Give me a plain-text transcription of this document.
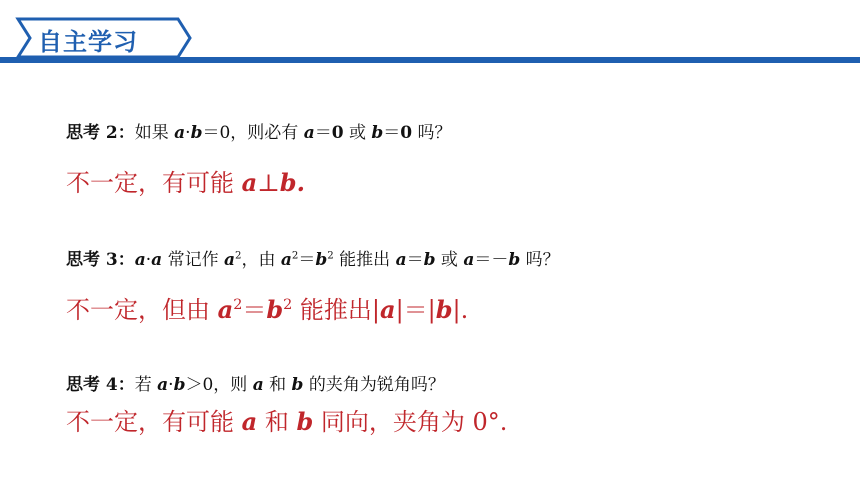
自主学习
思考 2：如果 a·b＝0，则必有 a＝0 或 b＝0 吗？
不一定，有可能 a⊥b.
思考 3：a·a 常记作 $a^2$，由 $a^2=b^2$ 能推出 a＝b 或 a＝－b 吗？
不一定，但由 $a^2=b^2$ 能推出|a|＝|b|.
思考 4：若 a·b＞0，则 a 和 b 的夹角为锐角吗？
不一定，有可能 a 和 b 同向，夹角为 0°.
